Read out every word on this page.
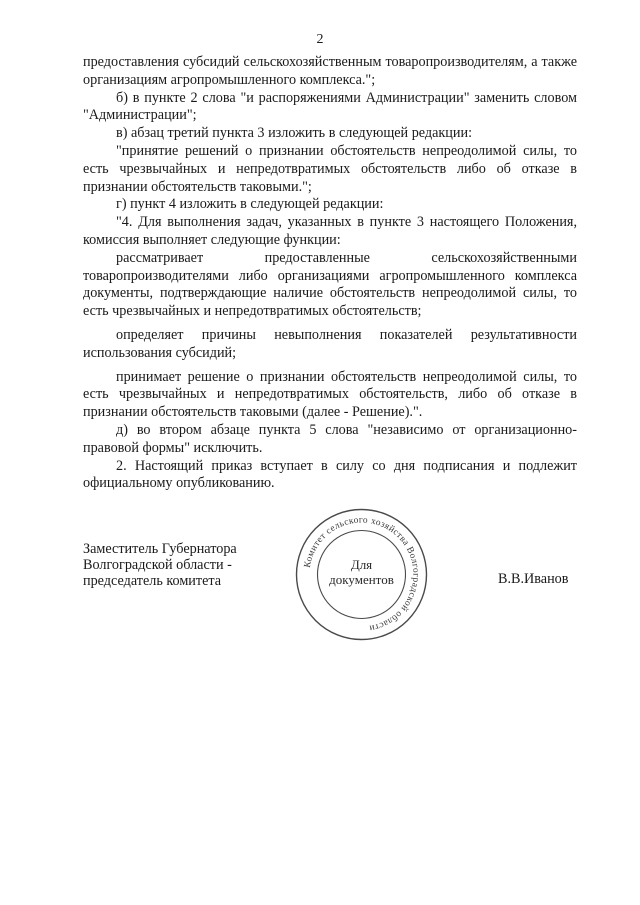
2

предоставления субсидий сельскохозяйственным товаропроизводителям, а также организациям агропромышленного комплекса.";

б) в пункте 2 слова "и распоряжениями Администрации" заменить словом "Администрации";

в) абзац третий пункта 3 изложить в следующей редакции:

"принятие решений о признании обстоятельств непреодолимой силы, то есть чрезвычайных и непредотвратимых обстоятельств либо об отказе в признании обстоятельств таковыми.";

г) пункт 4 изложить в следующей редакции:

"4. Для выполнения задач, указанных в пункте 3 настоящего Положения, комиссия выполняет следующие функции:

рассматривает предоставленные сельскохозяйственными товаропроизводителями либо организациями агропромышленного комплекса документы, подтверждающие наличие обстоятельств непреодолимой силы, то есть чрезвычайных и непредотвратимых обстоятельств;

определяет причины невыполнения показателей результативности использования субсидий;

принимает решение о признании обстоятельств непреодолимой силы, то есть чрезвычайных и непредотвратимых обстоятельств, либо об отказе в признании обстоятельств таковыми (далее - Решение).".

д) во втором абзаце пункта 5 слова "независимо от организационно-правовой формы" исключить.

2. Настоящий приказ вступает в силу со дня подписания и подлежит официальному опубликованию.

Заместитель Губернатора
Волгоградской области -
председатель комитета
Комитет сельского хозяйства Волгоградской области
Для
документов	В.В.Иванов
